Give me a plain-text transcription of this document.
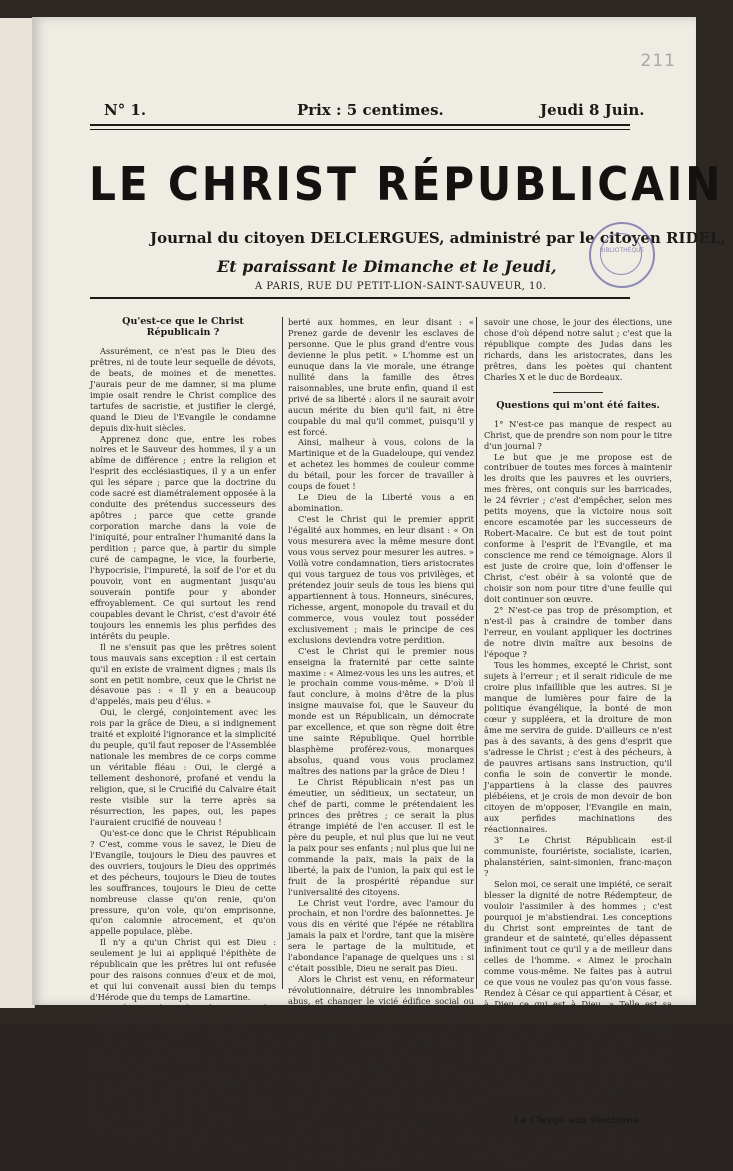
211
N° 1.	Prix : 5 centimes.	Jeudi 8 Juin.
LE CHRIST RÉPUBLICAIN
Journal du citoyen DELCLERGUES, administré par le citoyen RIDEL,
Et paraissant le Dimanche et le Jeudi,
A PARIS, RUE DU PETIT-LION-SAINT-SAUVEUR, 10.
BIBLIOTHÈQUE
Qu'est-ce que le Christ Républicain ?

Assurément, ce n'est pas le Dieu des prêtres, ni de toute leur sequelle de dévots, de beats, de moines et de menettes. J'aurais peur de me damner, si ma plume impie osait rendre le Christ complice des tartufes de sacristie, et justifier le clergé, quand le Dieu de l'Evangile le condamne depuis dix-huit siècles.

Apprenez donc que, entre les robes noires et le Sauveur des hommes, il y a un abîme de différence ; entre la religion et l'esprit des ecclésiastiques, il y a un enfer qui les sépare ; parce que la doctrine du code sacré est diamétralement opposée à la conduite des prétendus successeurs des apôtres ; parce que cette grande corporation marche dans la voie de l'iniquité, pour entraîner l'humanité dans la perdition ; parce que, à partir du simple curé de campagne, le vice, la fourberie, l'hypocrisie, l'impureté, la soif de l'or et du pouvoir, vont en augmentant jusqu'au souverain pontife pour y abonder effroyablement. Ce qui surtout les rend coupables devant le Christ, c'est d'avoir été toujours les ennemis les plus perfides des intérêts du peuple.

Il ne s'ensuit pas que les prêtres soient tous mauvais sans exception : il est certain qu'il en existe de vraiment dignes ; mais ils sont en petit nombre, ceux que le Christ ne désavoue pas : « Il y en a beaucoup d'appelés, mais peu d'élus. »

Oui, le clergé, conjointement avec les rois par la grâce de Dieu, a si indignement traité et exploité l'ignorance et la simplicité du peuple, qu'il faut reposer de l'Assemblée nationale les membres de ce corps comme un véritable fléau : Oui, le clergé a tellement deshonoré, profané et vendu la religion, que, si le Crucifié du Calvaire était reste visible sur la terre après sa résurrection, les papes, oui, les papes l'auraient crucifié de nouveau !

Qu'est-ce donc que le Christ Républicain ? C'est, comme vous le savez, le Dieu de l'Evangile, toujours le Dieu des pauvres et des ouvriers, toujours le Dieu des opprimés et des pécheurs, toujours le Dieu de toutes les souffrances, toujours le Dieu de cette nombreuse classe qu'on renie, qu'on pressure, qu'on vole, qu'on emprisonne, qu'on calomnie atrocement, et qu'on appelle populace, plèbe.

Il n'y a qu'un Christ qui est Dieu : seulement je lui ai appliqué l'épithète de républicain que les prêtres lui ont refusée pour des raisons connues d'eux et de moi, et qui lui convenait aussi bien du temps d'Hérode que du temps de Lamartine.

Mais le Dieu des riches, des princes, des papes et des rois, quel est-il ? Ma foi, vive la République ! ce ne peut être que Satan. Celui qui a aimé ses frères jusqu'à la mort a dit dans son livre divin : « Il est plus difficile au riche d'entrer dans le royaume des cieux qu'à un chameau de passer par le trou d'une aiguille. Il a renversé les potentats de leur trône, et il a relevé les petits. » Voilà pourquoi les riches et les princes détestent tant la république, qui doit amener le règne de Dieu.

C'est le Christ qui, le premier, apporta la li

berté aux hommes, en leur disant : « Prenez garde de devenir les esclaves de personne. Que le plus grand d'entre vous devienne le plus petit. » L'homme est un eunuque dans la vie morale, une étrange nullité dans la famille des êtres raisonnables, une brute enfin, quand il est privé de sa liberté : alors il ne saurait avoir aucun mérite du bien qu'il fait, ni être coupable du mal qu'il commet, puisqu'il y est forcé.

Ainsi, malheur à vous, colons de la Martinique et de la Guadeloupe, qui vendez et achetez les hommes de couleur comme du bétail, pour les forcer de travailler à coups de fouet !

Le Dieu de la Liberté vous a en abomination.

C'est le Christ qui le premier apprit l'égalité aux hommes, en leur disant : « On vous mesurera avec la même mesure dont vous vous servez pour mesurer les autres. » Voilà votre condamnation, tiers aristocrates qui vous targuez de tous vos privilèges, et prétendez jouir seuls de tous les biens qui appartiennent à tous. Honneurs, sinécures, richesse, argent, monopole du travail et du commerce, vous voulez tout posséder exclusivement ; mais le principe de ces exclusions deviendra votre perdition.

C'est le Christ qui le premier nous enseigna la fraternité par cette sainte maxime : « Aimez-vous les uns les autres, et le prochain comme vous-même. » D'où il faut conclure, à moins d'être de la plus insigne mauvaise foi, que le Sauveur du monde est un Républicain, un démocrate par excellence, et que son règne doit être une sainte République. Quel horrible blasphème proférez-vous, monarques absolus, quand vous vous proclamez maîtres des nations par la grâce de Dieu !

Le Christ Républicain n'est pas un émeutier, un séditieux, un sectateur, un chef de parti, comme le prétendaient les princes des prêtres ; ce serait la plus étrange impiété de l'en accuser. Il est le père du peuple, et nul plus que lui ne veut la paix pour ses enfants ; nul plus que lui ne commande la paix, mais la paix de la liberté, la paix de l'union, la paix qui est le fruit de la prospérité répandue sur l'universalité des citoyens.

Le Christ veut l'ordre, avec l'amour du prochain, et non l'ordre des baïonnettes. Je vous dis en vérité que l'épée ne rétablira jamais la paix et l'ordre, tant que la misère sera le partage de la multitude, et l'abondance l'apanage de quelques uns : si c'était possible, Dieu ne serait pas Dieu.

Alors le Christ est venu, en réformateur révolutionnaire, détruire les innombrables abus, et changer le vicié édifice social ou les uns possèdent tout, et les autres rien.

Ne vous en déplaise, députés aristocrates, si le Dieu de la croix se trouve en opposition avec votre politique ; ne vous en déplaise, députés réactionnaires, si le Christ vous réprouve, et s'il montre au peuple, que vous avez trompé, un tout autre chemin que le vôtre ; alors, permettez-nous de suivre notre maître à tous, de vous tourner le dos et de secouer sur vous la poussière de nos pieds.

Pauvre peuple ! quand donc sauras-tu discerner les bons apôtres d'avec cette horde de loups qui s'adressent à toi sous la peau des brebis ? Tu devrais

savoir une chose, le jour des élections, une chose d'où dépend notre salut ; c'est que la république compte des Judas dans les richards, dans les aristocrates, dans les prêtres, dans les poètes qui chantent Charles X et le duc de Bordeaux.

Questions qui m'ont été faites.

1° N'est-ce pas manque de respect au Christ, que de prendre son nom pour le titre d'un journal ?

Le but que je me propose est de contribuer de toutes mes forces à maintenir les droits que les pauvres et les ouvriers, mes frères, ont conquis sur les barricades, le 24 février ; c'est d'empêcher, selon mes petits moyens, que la victoire nous soit encore escamotée par les successeurs de Robert-Macaire. Ce but est de tout point conforme à l'esprit de l'Evangile, et ma conscience me rend ce témoignage. Alors il est juste de croire que, loin d'offenser le Christ, c'est obéir à sa volonté que de choisir son nom pour titre d'une feuille qui doit continuer son œuvre.

2° N'est-ce pas trop de présomption, et n'est-il pas à craindre de tomber dans l'erreur, en voulant appliquer les doctrines de notre divin maître aux besoins de l'époque ?

Tous les hommes, excepté le Christ, sont sujets à l'erreur ; et il serait ridicule de me croire plus infaillible que les autres. Si je manque de lumières pour faire de la politique évangélique, la bonté de mon cœur y suppléera, et la droiture de mon âme me servira de guide. D'ailleurs ce n'est pas à des savants, à des gens d'esprit que s'adresse le Christ ; c'est à des pécheurs, à de pauvres artisans sans instruction, qu'il confia le soin de convertir le monde. J'appartiens à la classe des pauvres plébéiens, et je crois de mon devoir de bon citoyen de m'opposer, l'Evangile en main, aux perfides machinations des réactionnaires.

3° Le Christ Républicain est-il communiste, fouriériste, socialiste, icarien, phalanstérien, saint-simonien, franc-maçon ?

Selon moi, ce serait une impiété, ce serait blesser la dignité de notre Rédempteur, de vouloir l'assimiler à des hommes ; c'est pourquoi je m'abstiendrai. Les conceptions du Christ sont empreintes de tant de grandeur et de sainteté, qu'elles dépassent infiniment tout ce qu'il y a de meilleur dans celles de l'homme. « Aimez le prochain comme vous-même. Ne faites pas à autrui ce que vous ne voulez pas qu'on vous fasse. Rendez à César ce qui appartient à César, et à Dieu ce qui est à Dieu. » Telle est sa doctrine ; rien de plus simple, et pourtant il est difficile de bien déterminer le système social de Jésus Christ. Mais l'œuvre révolutionnaire de Dieu n'en progressera pas moins, et l'humanité n'en arrivera pas moins à cette heureuse destinée, où elle aspire de toute son âme, et que les riches qualifieraient d'utopie impossible.

Le Clergé aux élections.

J'entends dire partout que les prêtres ont intrigué dans les élections des départements ; qu'ils
